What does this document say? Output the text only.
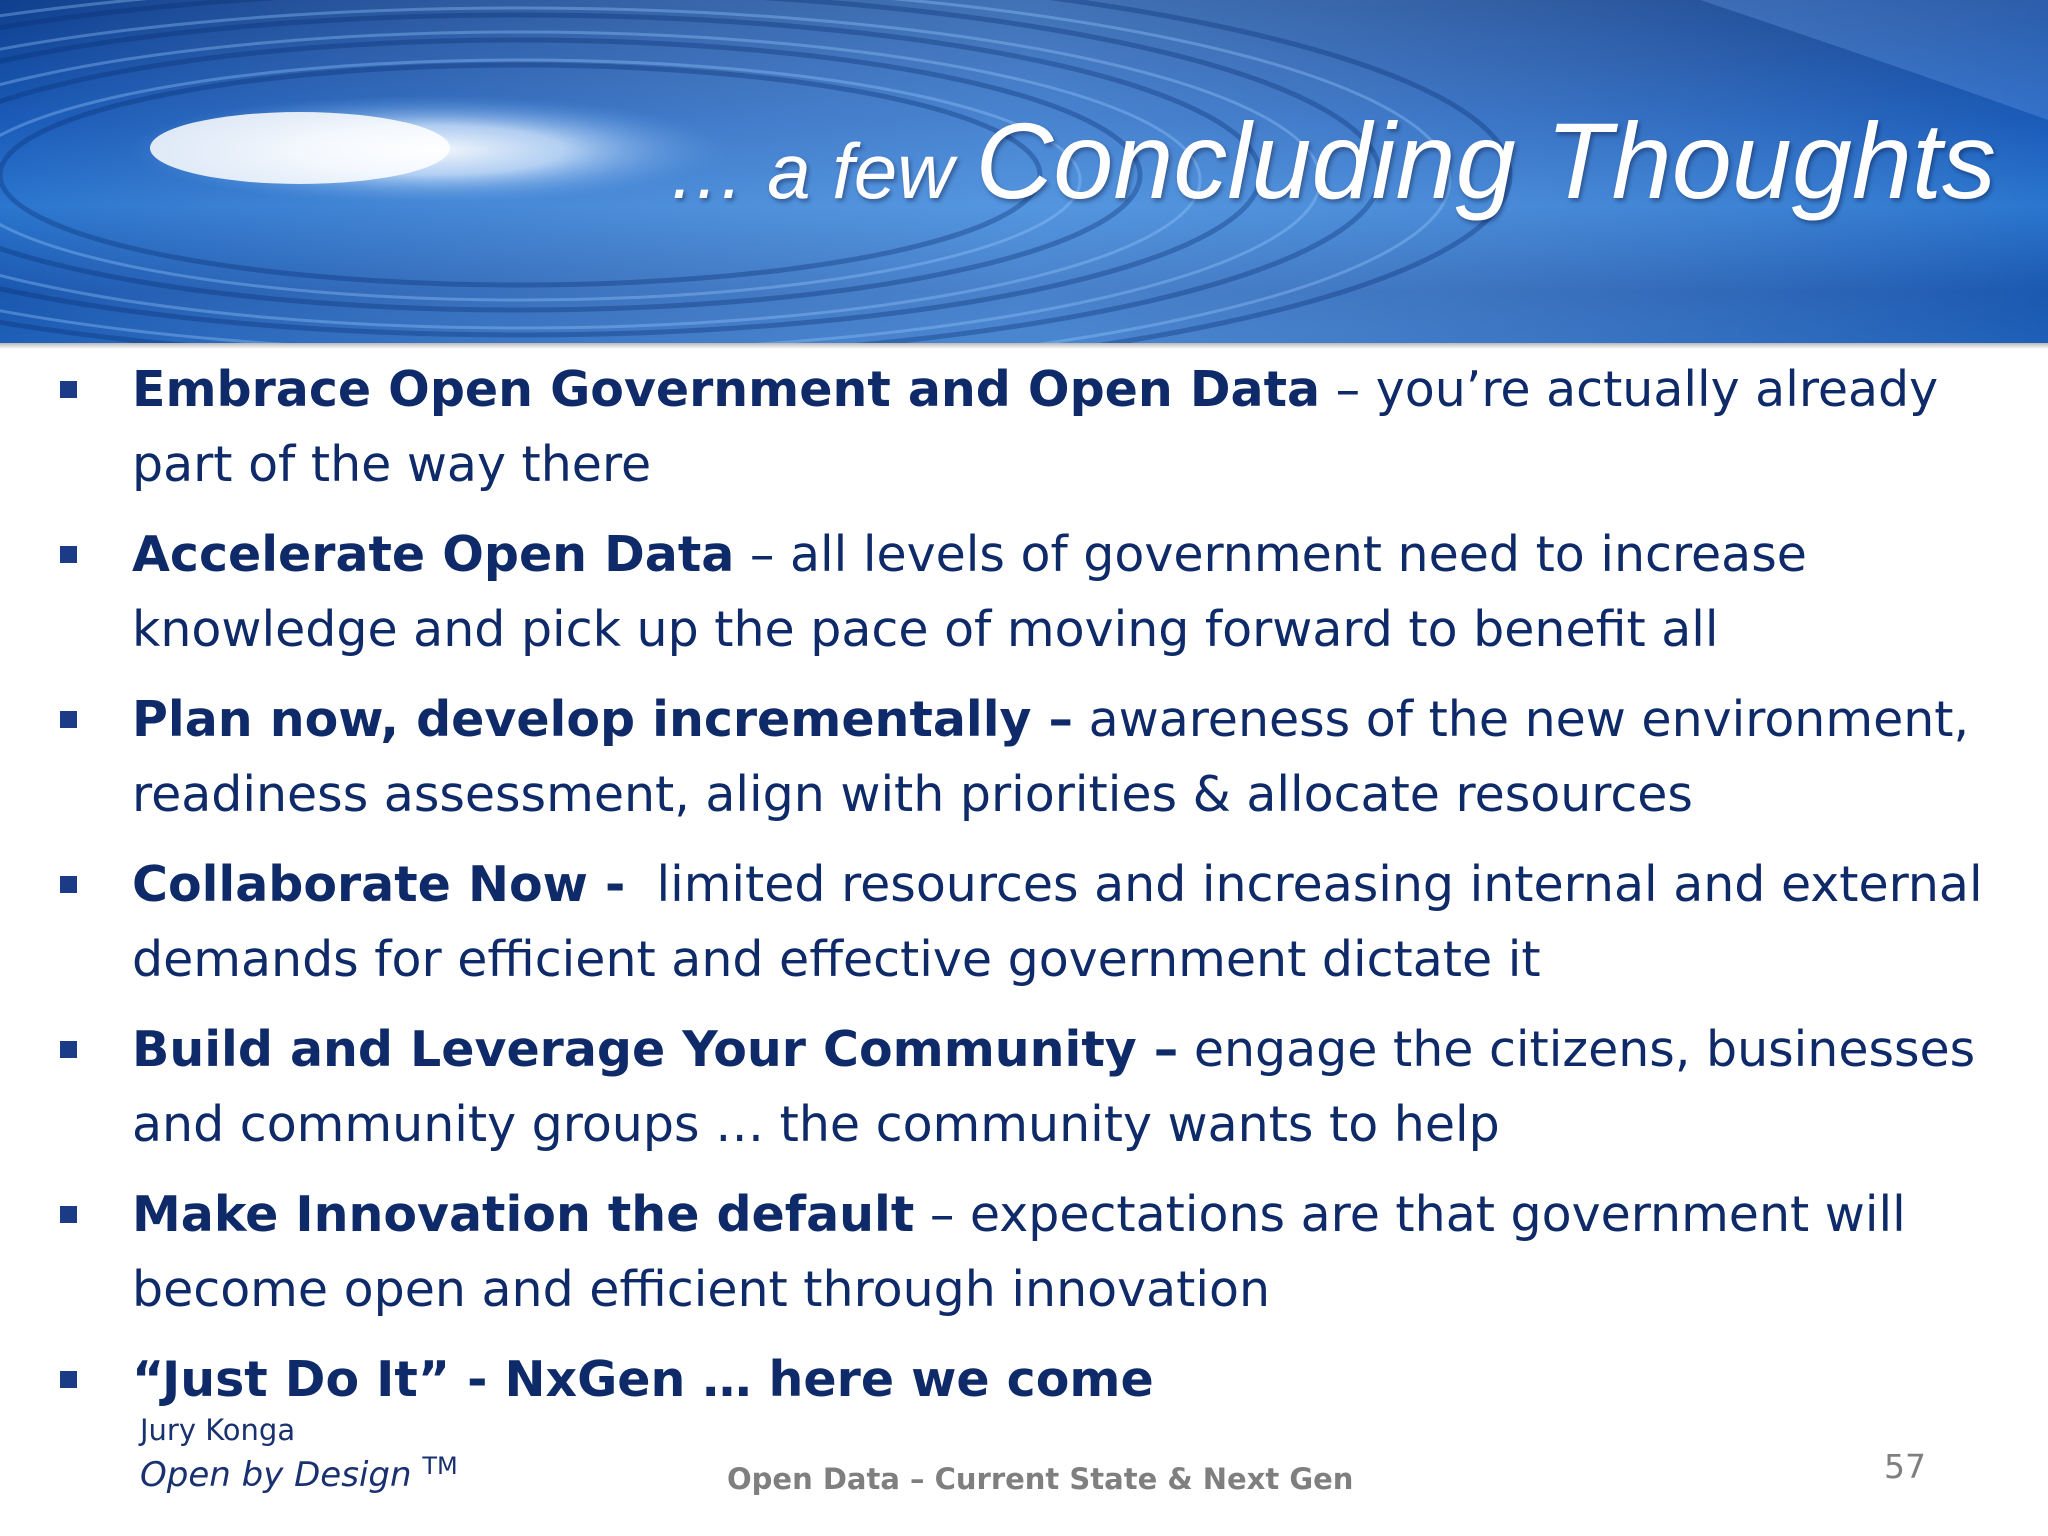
… a few Concluding Thoughts
Embrace Open Government and Open Data – you’re actually already part of the way there
Accelerate Open Data – all levels of government need to increase knowledge and pick up the pace of moving forward to benefit all
Plan now, develop incrementally – awareness of the new environment, readiness assessment, align with priorities & allocate resources
Collaborate Now -  limited resources and increasing internal and external demands for efficient and effective government dictate it
Build and Leverage Your Community – engage the citizens, businesses and community groups … the community wants to help
Make Innovation the default – expectations are that government will become open and efficient through innovation
“Just Do It” - NxGen … here we come
Jury Konga
Open by Design ™	Open Data – Current State & Next Gen	57
